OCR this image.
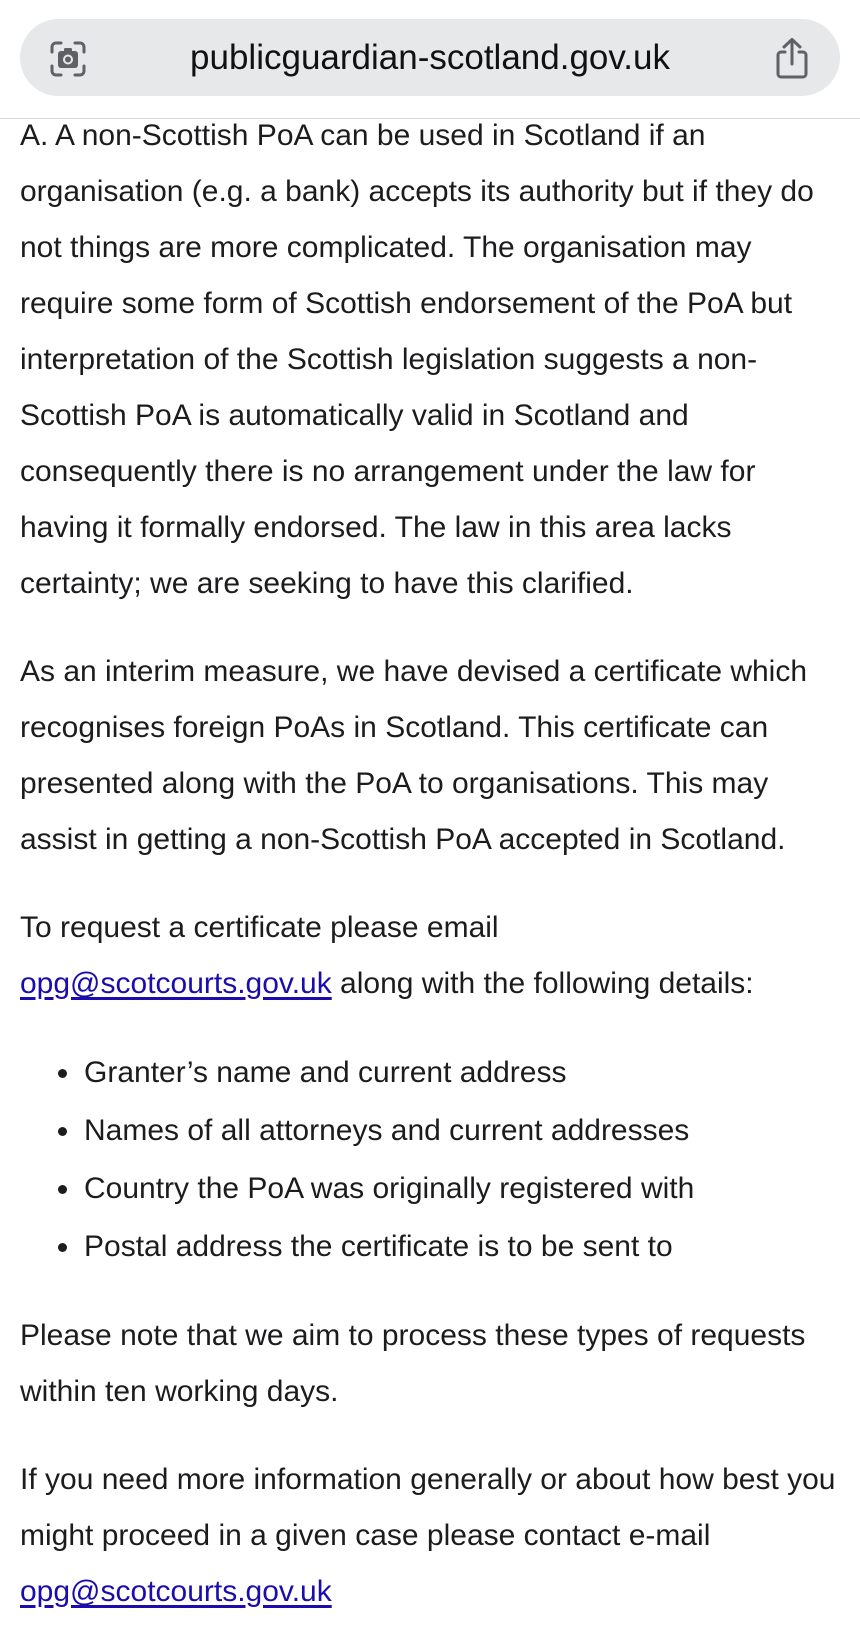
publicguardian-scotland.gov.uk

A. A non-Scottish PoA can be used in Scotland if an organisation (e.g. a bank) accepts its authority but if they do not things are more complicated. The organisation may require some form of Scottish endorsement of the PoA but interpretation of the Scottish legislation suggests a non-Scottish PoA is automatically valid in Scotland and consequently there is no arrangement under the law for having it formally endorsed. The law in this area lacks certainty; we are seeking to have this clarified.

As an interim measure, we have devised a certificate which recognises foreign PoAs in Scotland. This certificate can presented along with the PoA to organisations. This may assist in getting a non-Scottish PoA accepted in Scotland.

To request a certificate please email
opg@scotcourts.gov.uk along with the following details:

• Granter’s name and current address
• Names of all attorneys and current addresses
• Country the PoA was originally registered with
• Postal address the certificate is to be sent to

Please note that we aim to process these types of requests within ten working days.

If you need more information generally or about how best you might proceed in a given case please contact e-mail
opg@scotcourts.gov.uk
